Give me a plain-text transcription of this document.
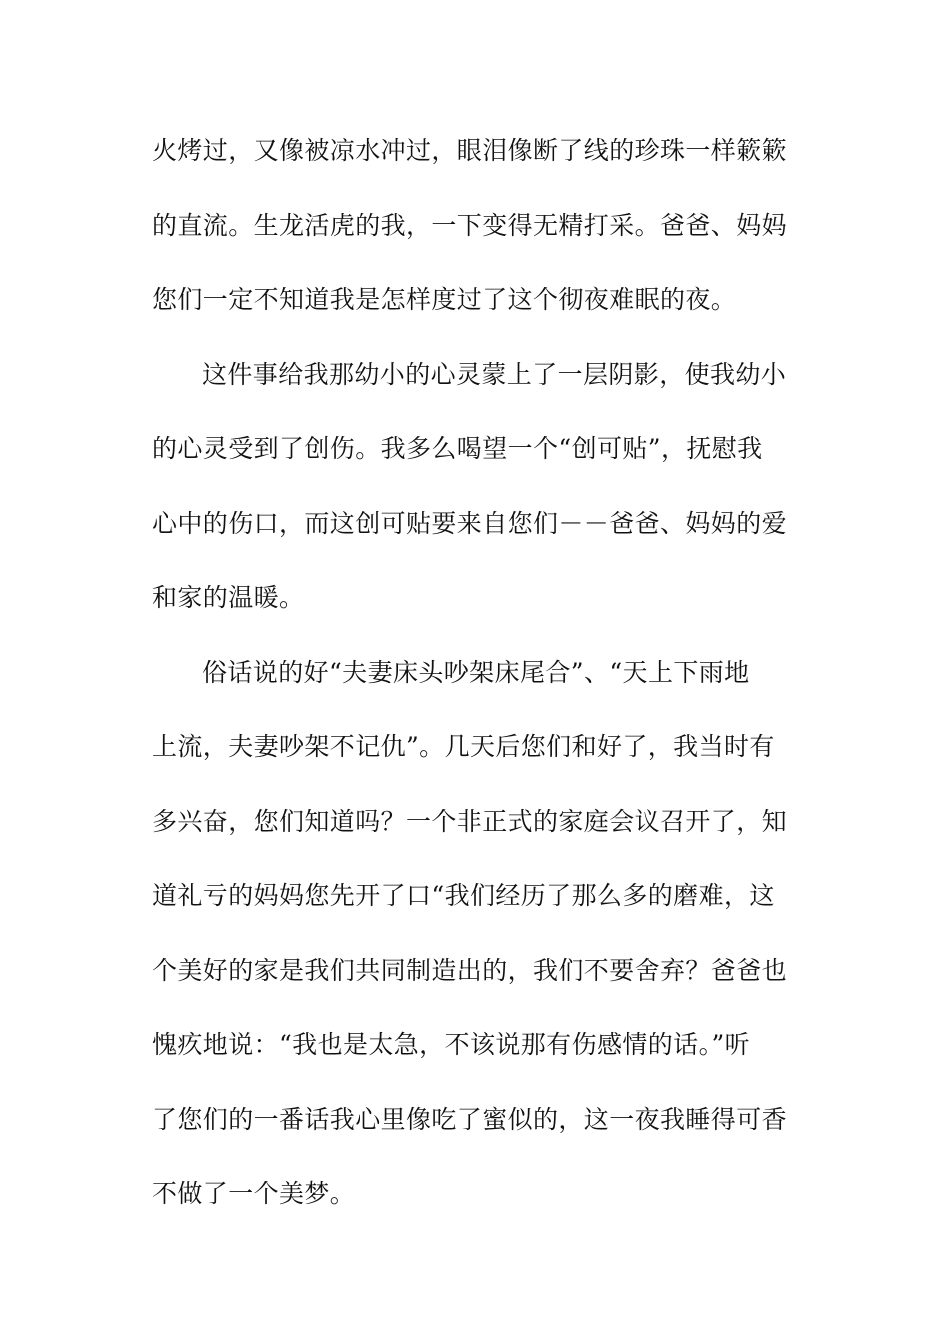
火烤过，又像被凉水冲过，眼泪像断了线的珍珠一样簌簌
的直流。生龙活虎的我，一下变得无精打采。爸爸、妈妈
您们一定不知道我是怎样度过了这个彻夜难眠的夜。
这件事给我那幼小的心灵蒙上了一层阴影，使我幼小
的心灵受到了创伤。我多么喝望一个“创可贴”，抚慰我
心中的伤口，而这创可贴要来自您们－－爸爸、妈妈的爱
和家的温暖。
俗话说的好“夫妻床头吵架床尾合”、“天上下雨地
上流，夫妻吵架不记仇”。几天后您们和好了，我当时有
多兴奋，您们知道吗？一个非正式的家庭会议召开了，知
道礼亏的妈妈您先开了口“我们经历了那么多的磨难，这
个美好的家是我们共同制造出的，我们不要舍弃？爸爸也
愧疚地说：“我也是太急，不该说那有伤感情的话。”听
了您们的一番话我心里像吃了蜜似的，这一夜我睡得可香
不做了一个美梦。
